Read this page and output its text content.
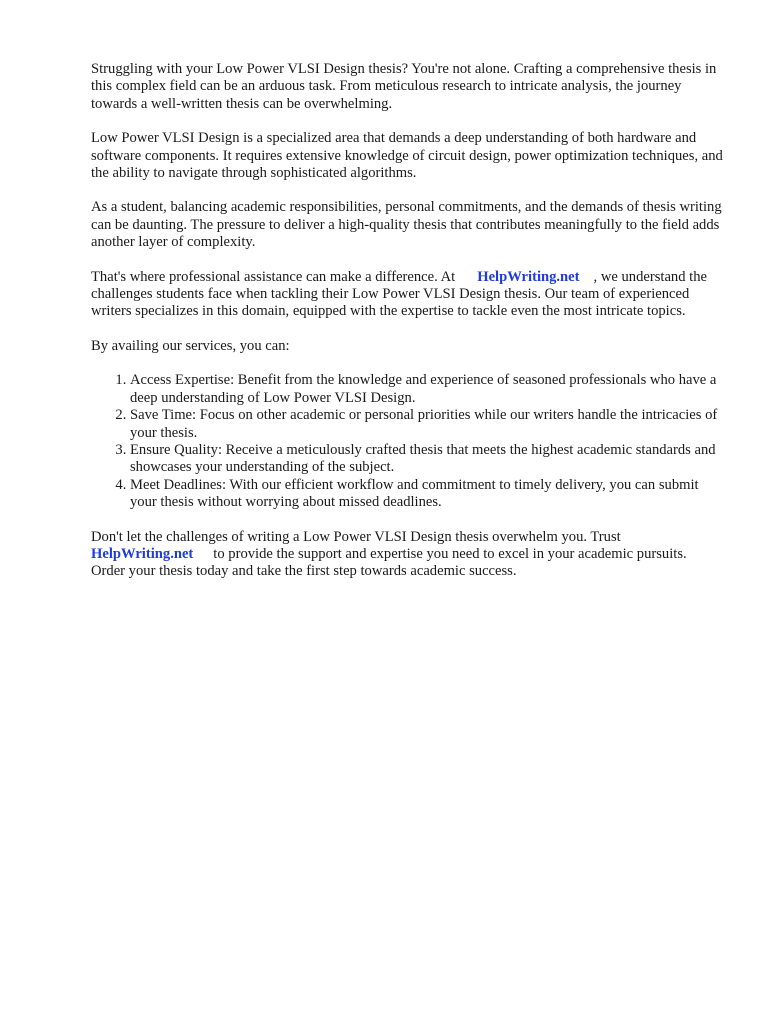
Struggling with your Low Power VLSI Design thesis? You're not alone. Crafting a comprehensive thesis in this complex field can be an arduous task. From meticulous research to intricate analysis, the journey towards a well-written thesis can be overwhelming.

Low Power VLSI Design is a specialized area that demands a deep understanding of both hardware and software components. It requires extensive knowledge of circuit design, power optimization techniques, and the ability to navigate through sophisticated algorithms.

As a student, balancing academic responsibilities, personal commitments, and the demands of thesis writing can be daunting. The pressure to deliver a high-quality thesis that contributes meaningfully to the field adds another layer of complexity.

That's where professional assistance can make a difference. At HelpWriting.net , we understand the challenges students face when tackling their Low Power VLSI Design thesis. Our team of experienced writers specializes in this domain, equipped with the expertise to tackle even the most intricate topics.

By availing our services, you can:

1. Access Expertise: Benefit from the knowledge and experience of seasoned professionals who have a deep understanding of Low Power VLSI Design.
2. Save Time: Focus on other academic or personal priorities while our writers handle the intricacies of your thesis.
3. Ensure Quality: Receive a meticulously crafted thesis that meets the highest academic standards and showcases your understanding of the subject.
4. Meet Deadlines: With our efficient workflow and commitment to timely delivery, you can submit your thesis without worrying about missed deadlines.

Don't let the challenges of writing a Low Power VLSI Design thesis overwhelm you. Trust HelpWriting.net to provide the support and expertise you need to excel in your academic pursuits. Order your thesis today and take the first step towards academic success.
